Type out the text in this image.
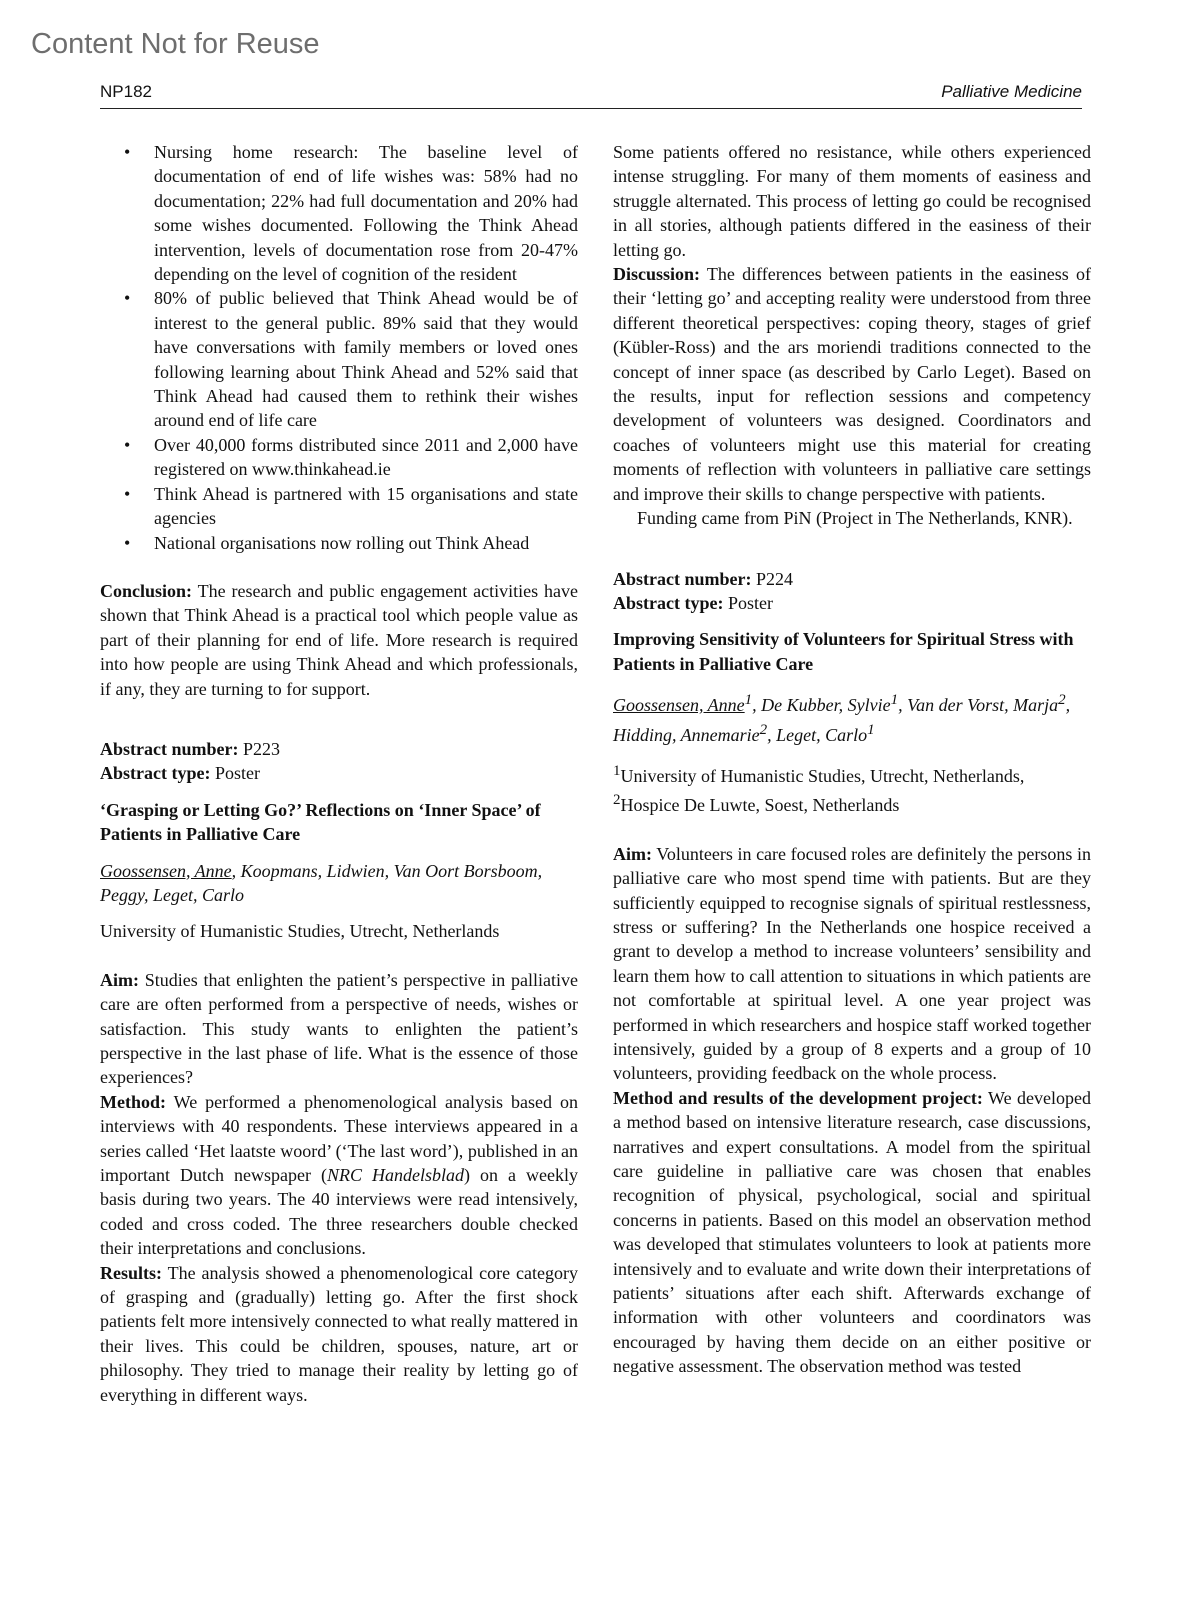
Content Not for Reuse
NP182	Palliative Medicine
• Nursing home research: The baseline level of documentation of end of life wishes was: 58% had no documentation; 22% had full documentation and 20% had some wishes documented. Following the Think Ahead intervention, levels of documentation rose from 20-47% depending on the level of cognition of the resident
• 80% of public believed that Think Ahead would be of interest to the general public. 89% said that they would have conversations with family members or loved ones following learning about Think Ahead and 52% said that Think Ahead had caused them to rethink their wishes around end of life care
• Over 40,000 forms distributed since 2011 and 2,000 have registered on www.thinkahead.ie
• Think Ahead is partnered with 15 organisations and state agencies
• National organisations now rolling out Think Ahead

Conclusion: The research and public engagement activities have shown that Think Ahead is a practical tool which people value as part of their planning for end of life. More research is required into how people are using Think Ahead and which professionals, if any, they are turning to for support.

Abstract number: P223

Abstract type: Poster

‘Grasping or Letting Go?’ Reflections on ‘Inner Space’ of Patients in Palliative Care

Goossensen, Anne, Koopmans, Lidwien, Van Oort Borsboom, Peggy, Leget, Carlo

University of Humanistic Studies, Utrecht, Netherlands

Aim: Studies that enlighten the patient’s perspective in palliative care are often performed from a perspective of needs, wishes or satisfaction. This study wants to enlighten the patient’s perspective in the last phase of life. What is the essence of those experiences?

Method: We performed a phenomenological analysis based on interviews with 40 respondents. These interviews appeared in a series called ‘Het laatste woord’ (‘The last word’), published in an important Dutch newspaper (NRC Handelsblad) on a weekly basis during two years. The 40 interviews were read intensively, coded and cross coded. The three researchers double checked their interpretations and conclusions.

Results: The analysis showed a phenomenological core category of grasping and (gradually) letting go. After the first shock patients felt more intensively connected to what really mattered in their lives. This could be children, spouses, nature, art or philosophy. They tried to manage their reality by letting go of everything in different ways.

Some patients offered no resistance, while others experienced intense struggling. For many of them moments of easiness and struggle alternated. This process of letting go could be recognised in all stories, although patients differed in the easiness of their letting go.

Discussion: The differences between patients in the easiness of their ‘letting go’ and accepting reality were understood from three different theoretical perspectives: coping theory, stages of grief (Kübler-Ross) and the ars moriendi traditions connected to the concept of inner space (as described by Carlo Leget). Based on the results, input for reflection sessions and competency development of volunteers was designed. Coordinators and coaches of volunteers might use this material for creating moments of reflection with volunteers in palliative care settings and improve their skills to change perspective with patients.

Funding came from PiN (Project in The Netherlands, KNR).

Abstract number: P224

Abstract type: Poster

Improving Sensitivity of Volunteers for Spiritual Stress with Patients in Palliative Care

Goossensen, Anne$^1$, De Kubber, Sylvie$^1$, Van der Vorst, Marja$^2$, Hidding, Annemarie$^2$, Leget, Carlo$^1$

$^1$University of Humanistic Studies, Utrecht, Netherlands,

$^2$Hospice De Luwte, Soest, Netherlands

Aim: Volunteers in care focused roles are definitely the persons in palliative care who most spend time with patients. But are they sufficiently equipped to recognise signals of spiritual restlessness, stress or suffering? In the Netherlands one hospice received a grant to develop a method to increase volunteers’ sensibility and learn them how to call attention to situations in which patients are not comfortable at spiritual level. A one year project was performed in which researchers and hospice staff worked together intensively, guided by a group of 8 experts and a group of 10 volunteers, providing feedback on the whole process.

Method and results of the development project: We developed a method based on intensive literature research, case discussions, narratives and expert consultations. A model from the spiritual care guideline in palliative care was chosen that enables recognition of physical, psychological, social and spiritual concerns in patients. Based on this model an observation method was developed that stimulates volunteers to look at patients more intensively and to evaluate and write down their interpretations of patients’ situations after each shift. Afterwards exchange of information with other volunteers and coordinators was encouraged by having them decide on an either positive or negative assessment. The observation method was tested
